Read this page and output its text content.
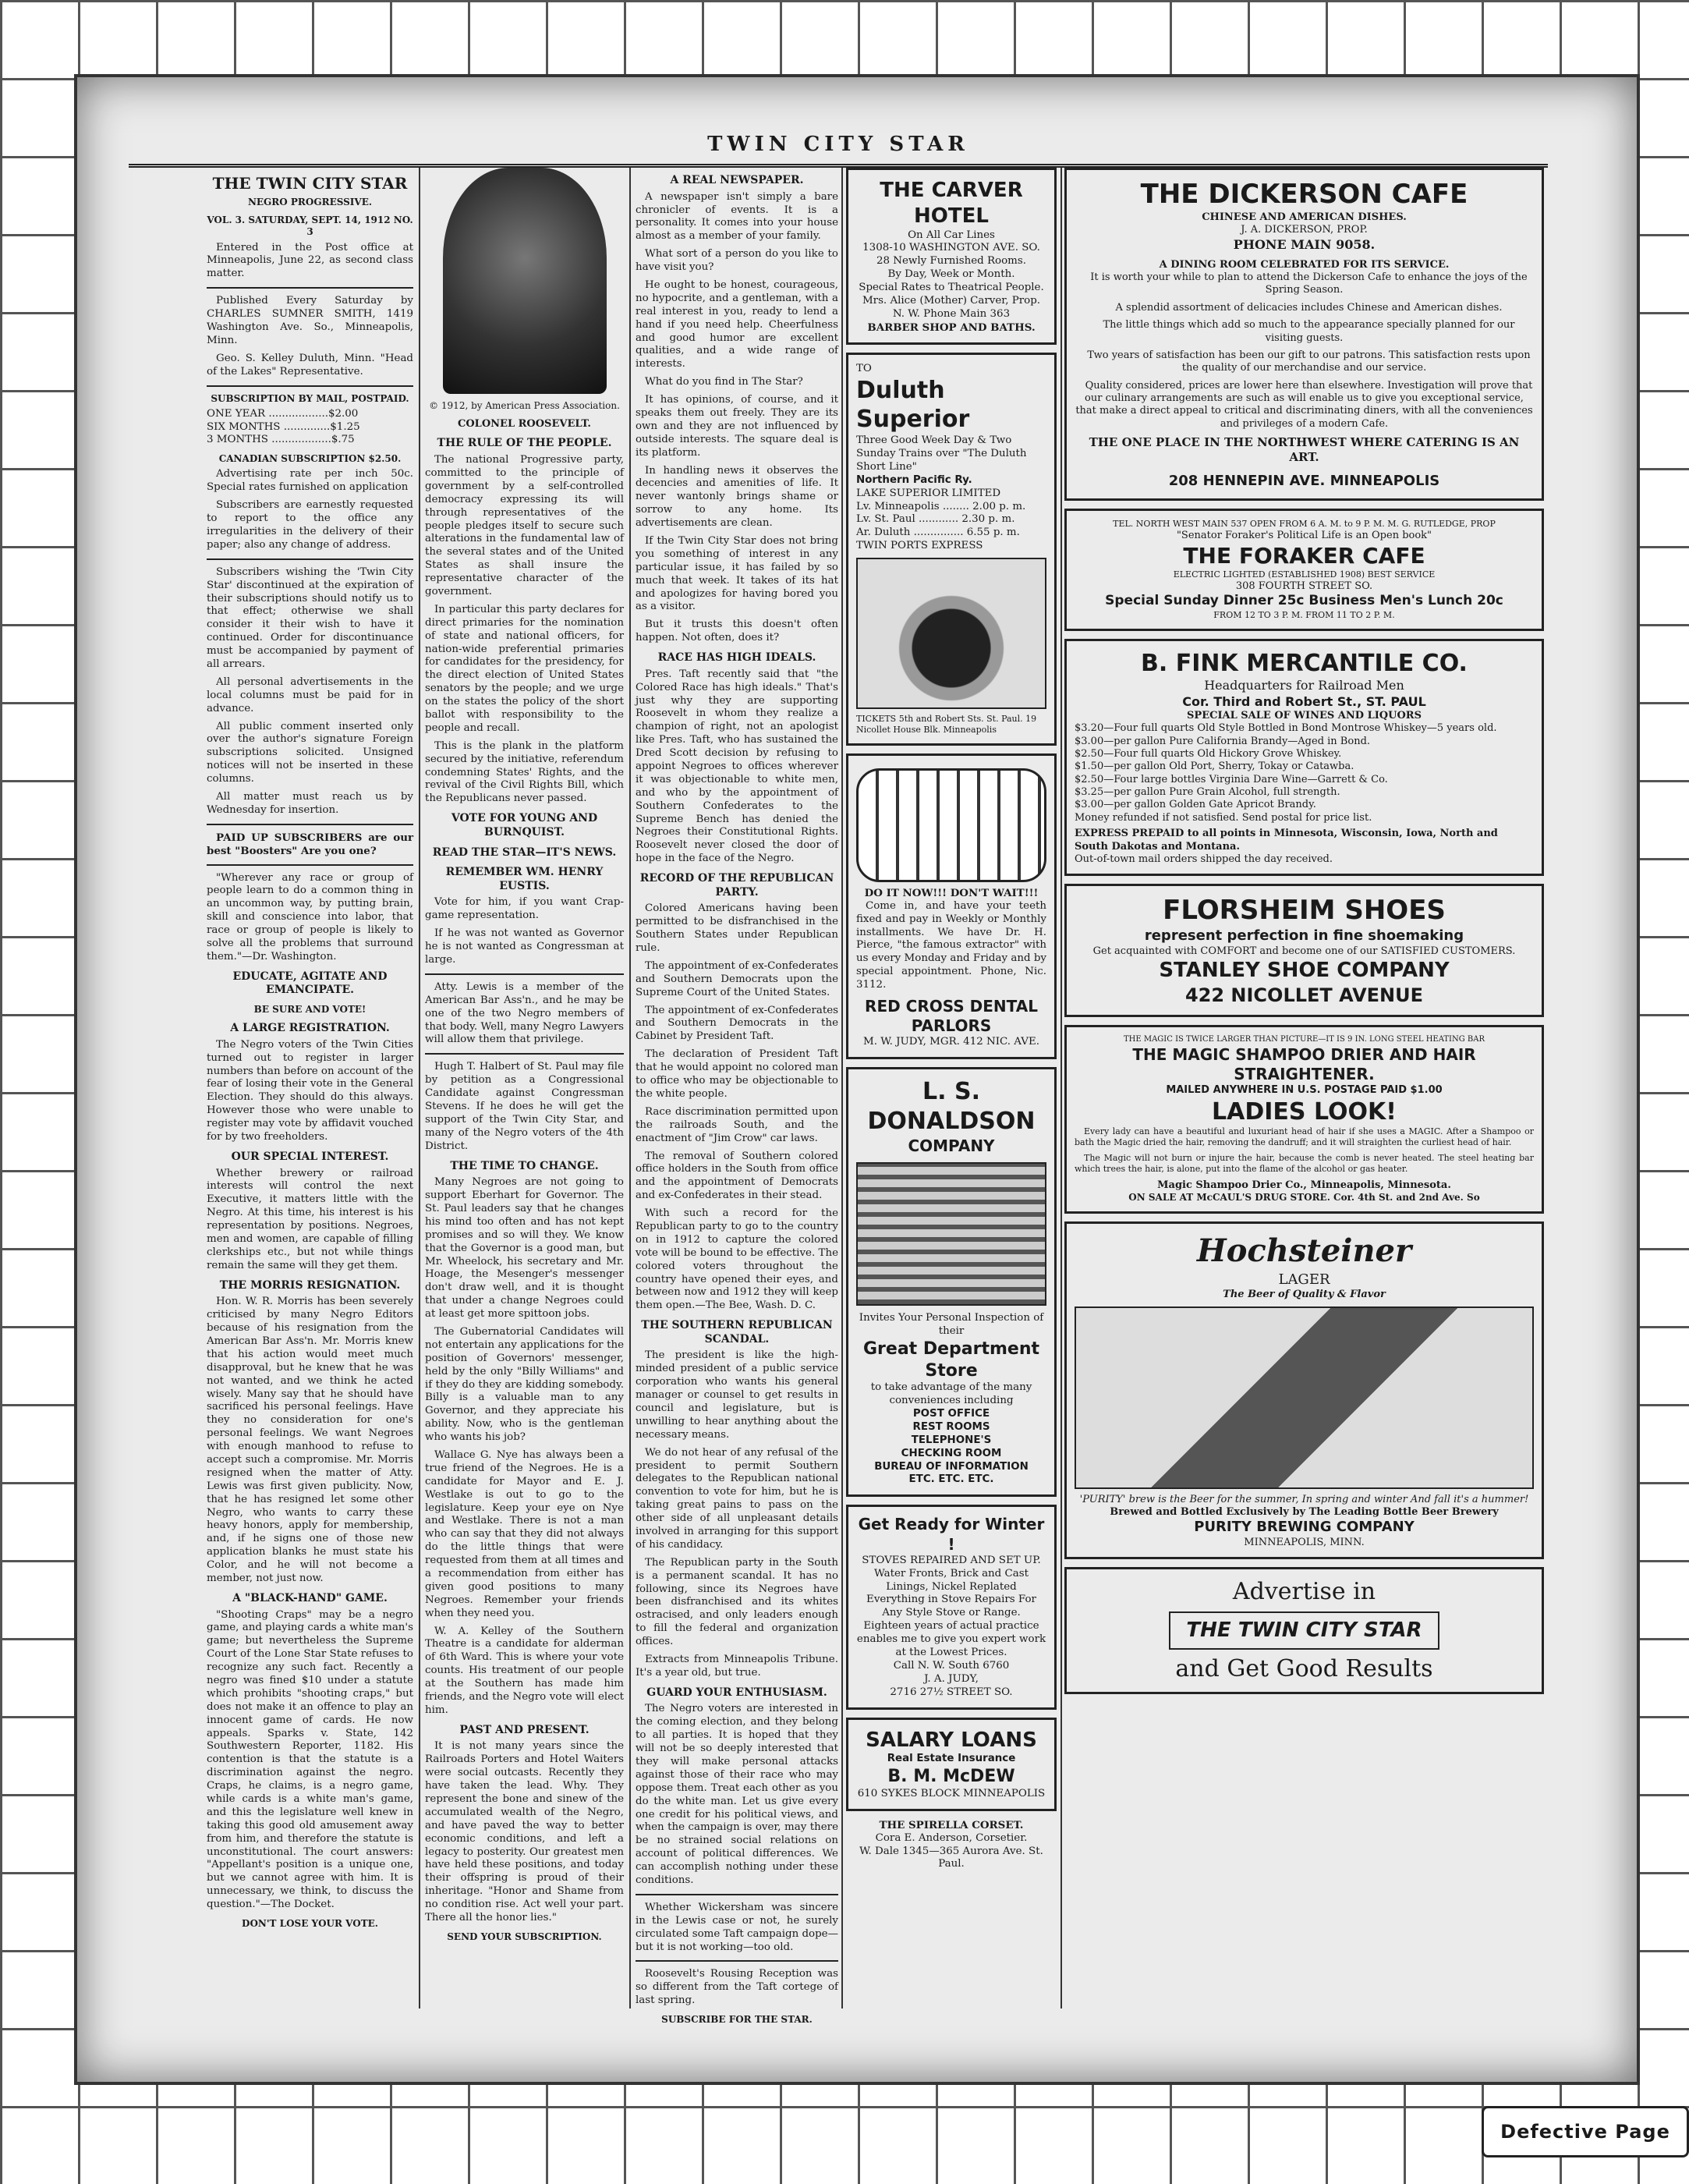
TWIN CITY STAR
THE TWIN CITY STAR
NEGRO PROGRESSIVE.
VOL. 3. SATURDAY, SEPT. 14, 1912 NO. 3

Entered in the Post office at Minneapolis, June 22, as second class matter.

Published Every Saturday by CHARLES SUMNER SMITH, 1419 Washington Ave. So., Minneapolis, Minn.

Geo. S. Kelley Duluth, Minn. "Head of the Lakes" Representative.

SUBSCRIPTION BY MAIL, POSTPAID.
ONE YEAR ..................$2.00
SIX MONTHS ..............$1.25
3 MONTHS ..................$.75
CANADIAN SUBSCRIPTION $2.50.

Advertising rate per inch 50c. Special rates furnished on application

Subscribers are earnestly requested to report to the office any irregularities in the delivery of their paper; also any change of address.

Subscribers wishing the 'Twin City Star' discontinued at the expiration of their subscriptions should notify us to that effect; otherwise we shall consider it their wish to have it continued. Order for discontinuance must be accompanied by payment of all arrears.

All personal advertisements in the local columns must be paid for in advance.

All public comment inserted only over the author's signature Foreign subscriptions solicited. Unsigned notices will not be inserted in these columns.

All matter must reach us by Wednesday for insertion.

PAID UP SUBSCRIBERS are our best "Boosters" Are you one?

"Wherever any race or group of people learn to do a common thing in an uncommon way, by putting brain, skill and conscience into labor, that race or group of people is likely to solve all the problems that surround them."—Dr. Washington.

EDUCATE, AGITATE AND EMANCIPATE.
BE SURE AND VOTE!
A LARGE REGISTRATION.

The Negro voters of the Twin Cities turned out to register in larger numbers than before on account of the fear of losing their vote in the General Election. They should do this always. However those who were unable to register may vote by affidavit vouched for by two freeholders.

OUR SPECIAL INTEREST.

Whether brewery or railroad interests will control the next Executive, it matters little with the Negro. At this time, his interest is his representation by positions. Negroes, men and women, are capable of filling clerkships etc., but not while things remain the same will they get them.

THE MORRIS RESIGNATION.

Hon. W. R. Morris has been severely criticised by many Negro Editors because of his resignation from the American Bar Ass'n. Mr. Morris knew that his action would meet much disapproval, but he knew that he was not wanted, and we think he acted wisely. Many say that he should have sacrificed his personal feelings. Have they no consideration for one's personal feelings. We want Negroes with enough manhood to refuse to accept such a compromise. Mr. Morris resigned when the matter of Atty. Lewis was first given publicity. Now, that he has resigned let some other Negro, who wants to carry these heavy honors, apply for membership, and, if he signs one of those new application blanks he must state his Color, and he will not become a member, not just now.

A "BLACK-HAND" GAME.

"Shooting Craps" may be a negro game, and playing cards a white man's game; but nevertheless the Supreme Court of the Lone Star State refuses to recognize any such fact. Recently a negro was fined $10 under a statute which prohibits "shooting craps," but does not make it an offence to play an innocent game of cards. He now appeals. Sparks v. State, 142 Southwestern Reporter, 1182. His contention is that the statute is a discrimination against the negro. Craps, he claims, is a negro game, while cards is a white man's game, and this the legislature well knew in taking this good old amusement away from him, and therefore the statute is unconstitutional. The court answers: "Appellant's position is a unique one, but we cannot agree with him. It is unnecessary, we think, to discuss the question."—The Docket.

DON'T LOSE YOUR VOTE.
© 1912, by American Press Association.
COLONEL ROOSEVELT.
THE RULE OF THE PEOPLE.

The national Progressive party, committed to the principle of government by a self-controlled democracy expressing its will through representatives of the people pledges itself to secure such alterations in the fundamental law of the several states and of the United States as shall insure the representative character of the government.

In particular this party declares for direct primaries for the nomination of state and national officers, for nation-wide preferential primaries for candidates for the presidency, for the direct election of United States senators by the people; and we urge on the states the policy of the short ballot with responsibility to the people and recall.

This is the plank in the platform secured by the initiative, referendum condemning States' Rights, and the revival of the Civil Rights Bill, which the Republicans never passed.

VOTE FOR YOUNG AND BURNQUIST.
READ THE STAR—IT'S NEWS.
REMEMBER WM. HENRY EUSTIS.

Vote for him, if you want Crap-game representation.

If he was not wanted as Governor he is not wanted as Congressman at large.

Atty. Lewis is a member of the American Bar Ass'n., and he may be one of the two Negro members of that body. Well, many Negro Lawyers will allow them that privilege.

Hugh T. Halbert of St. Paul may file by petition as a Congressional Candidate against Congressman Stevens. If he does he will get the support of the Twin City Star, and many of the Negro voters of the 4th District.

THE TIME TO CHANGE.

Many Negroes are not going to support Eberhart for Governor. The St. Paul leaders say that he changes his mind too often and has not kept promises and so will they. We know that the Governor is a good man, but Mr. Wheelock, his secretary and Mr. Hoage, the Mesenger's messenger don't draw well, and it is thought that under a change Negroes could at least get more spittoon jobs.

The Gubernatorial Candidates will not entertain any applications for the position of Governors' messenger, held by the only "Billy Williams" and if they do they are kidding somebody. Billy is a valuable man to any Governor, and they appreciate his ability. Now, who is the gentleman who wants his job?

Wallace G. Nye has always been a true friend of the Negroes. He is a candidate for Mayor and E. J. Westlake is out to go to the legislature. Keep your eye on Nye and Westlake. There is not a man who can say that they did not always do the little things that were requested from them at all times and a recommendation from either has given good positions to many Negroes. Remember your friends when they need you.

W. A. Kelley of the Southern Theatre is a candidate for alderman of 6th Ward. This is where your vote counts. His treatment of our people at the Southern has made him friends, and the Negro vote will elect him.

PAST AND PRESENT.

It is not many years since the Railroads Porters and Hotel Waiters were social outcasts. Recently they have taken the lead. Why. They represent the bone and sinew of the accumulated wealth of the Negro, and have paved the way to better economic conditions, and left a legacy to posterity. Our greatest men have held these positions, and today their offspring is proud of their inheritage. "Honor and Shame from no condition rise. Act well your part. There all the honor lies."

SEND YOUR SUBSCRIPTION.
A REAL NEWSPAPER.

A newspaper isn't simply a bare chronicler of events. It is a personality. It comes into your house almost as a member of your family.

What sort of a person do you like to have visit you?

He ought to be honest, courageous, no hypocrite, and a gentleman, with a real interest in you, ready to lend a hand if you need help. Cheerfulness and good humor are excellent qualities, and a wide range of interests.

What do you find in The Star?

It has opinions, of course, and it speaks them out freely. They are its own and they are not influenced by outside interests. The square deal is its platform.

In handling news it observes the decencies and amenities of life. It never wantonly brings shame or sorrow to any home. Its advertisements are clean.

If the Twin City Star does not bring you something of interest in any particular issue, it has failed by so much that week. It takes of its hat and apologizes for having bored you as a visitor.

But it trusts this doesn't often happen. Not often, does it?

RACE HAS HIGH IDEALS.

Pres. Taft recently said that "the Colored Race has high ideals." That's just why they are supporting Roosevelt in whom they realize a champion of right, not an apologist like Pres. Taft, who has sustained the Dred Scott decision by refusing to appoint Negroes to offices wherever it was objectionable to white men, and who by the appointment of Southern Confederates to the Supreme Bench has denied the Negroes their Constitutional Rights. Roosevelt never closed the door of hope in the face of the Negro.

RECORD OF THE REPUBLICAN PARTY.

Colored Americans having been permitted to be disfranchised in the Southern States under Republican rule.

The appointment of ex-Confederates and Southern Democrats upon the Supreme Court of the United States.

The appointment of ex-Confederates and Southern Democrats in the Cabinet by President Taft.

The declaration of President Taft that he would appoint no colored man to office who may be objectionable to the white people.

Race discrimination permitted upon the railroads South, and the enactment of "Jim Crow" car laws.

The removal of Southern colored office holders in the South from office and the appointment of Democrats and ex-Confederates in their stead.

With such a record for the Republican party to go to the country on in 1912 to capture the colored vote will be bound to be effective. The colored voters throughout the country have opened their eyes, and between now and 1912 they will keep them open.—The Bee, Wash. D. C.

THE SOUTHERN REPUBLICAN SCANDAL.

The president is like the high-minded president of a public service corporation who wants his general manager or counsel to get results in council and legislature, but is unwilling to hear anything about the necessary means.

We do not hear of any refusal of the president to permit Southern delegates to the Republican national convention to vote for him, but he is taking great pains to pass on the other side of all unpleasant details involved in arranging for this support of his candidacy.

The Republican party in the South is a permanent scandal. It has no following, since its Negroes have been disfranchised and its whites ostracised, and only leaders enough to fill the federal and organization offices.

Extracts from Minneapolis Tribune. It's a year old, but true.

GUARD YOUR ENTHUSIASM.

The Negro voters are interested in the coming election, and they belong to all parties. It is hoped that they will not be so deeply interested that they will make personal attacks against those of their race who may oppose them. Treat each other as you do the white man. Let us give every one credit for his political views, and when the campaign is over, may there be no strained social relations on account of political differences. We can accomplish nothing under these conditions.

Whether Wickersham was sincere in the Lewis case or not, he surely circulated some Taft campaign dope—but it is not working—too old.

Roosevelt's Rousing Reception was so different from the Taft cortege of last spring.

SUBSCRIBE FOR THE STAR.
THE CARVER HOTEL
On All Car Lines
1308-10 WASHINGTON AVE. SO.
28 Newly Furnished Rooms.
By Day, Week or Month.
Special Rates to Theatrical People.
Mrs. Alice (Mother) Carver, Prop.
N. W. Phone Main 363
BARBER SHOP AND BATHS.
TO
Duluth Superior
Three Good Week Day & Two Sunday Trains over "The Duluth Short Line"
Northern Pacific Ry.
LAKE SUPERIOR LIMITED
Lv. Minneapolis ........ 2.00 p. m.
Lv. St. Paul ............ 2.30 p. m.
Ar. Duluth ............... 6.55 p. m.
TWIN PORTS EXPRESS
TICKETS 5th and Robert Sts. St. Paul. 19 Nicollet House Blk. Minneapolis
DO IT NOW!!! DON'T WAIT!!!

Come in, and have your teeth fixed and pay in Weekly or Monthly installments. We have Dr. H. Pierce, "the famous extractor" with us every Monday and Friday and by special appointment. Phone, Nic. 3112.

RED CROSS DENTAL PARLORS
M. W. JUDY, MGR. 412 NIC. AVE.
L. S. DONALDSON
COMPANY
Invites Your Personal Inspection of their
Great Department Store
to take advantage of the many conveniences including
POST OFFICE
REST ROOMS
TELEPHONE'S
CHECKING ROOM
BUREAU OF INFORMATION
ETC. ETC. ETC.
Get Ready for Winter !
STOVES REPAIRED AND SET UP. Water Fronts, Brick and Cast Linings, Nickel Replated
Everything in Stove Repairs For Any Style Stove or Range.
Eighteen years of actual practice enables me to give you expert work at the Lowest Prices.
Call N. W. South 6760
J. A. JUDY,
2716 27½ STREET SO.
SALARY LOANS
Real Estate Insurance
B. M. McDEW
610 SYKES BLOCK MINNEAPOLIS
THE SPIRELLA CORSET.
Cora E. Anderson, Corsetier.
W. Dale 1345—365 Aurora Ave. St. Paul.
THE DICKERSON CAFE
CHINESE AND AMERICAN DISHES.
J. A. DICKERSON, PROP.
PHONE MAIN 9058.
A DINING ROOM CELEBRATED FOR ITS SERVICE.

It is worth your while to plan to attend the Dickerson Cafe to enhance the joys of the Spring Season.

A splendid assortment of delicacies includes Chinese and American dishes.

The little things which add so much to the appearance specially planned for our visiting guests.

Two years of satisfaction has been our gift to our patrons. This satisfaction rests upon the quality of our merchandise and our service.

Quality considered, prices are lower here than elsewhere. Investigation will prove that our culinary arrangements are such as will enable us to give you exceptional service, that make a direct appeal to critical and discriminating diners, with all the conveniences and privileges of a modern Cafe.

THE ONE PLACE IN THE NORTHWEST WHERE CATERING IS AN ART.
208 HENNEPIN AVE. MINNEAPOLIS
TEL. NORTH WEST MAIN 537 OPEN FROM 6 A. M. to 9 P. M. M. G. RUTLEDGE, PROP
"Senator Foraker's Political Life is an Open book"
THE FORAKER CAFE
ELECTRIC LIGHTED (ESTABLISHED 1908) BEST SERVICE
308 FOURTH STREET SO.
Special Sunday Dinner 25c Business Men's Lunch 20c
FROM 12 TO 3 P. M. FROM 11 TO 2 P. M.
B. FINK MERCANTILE CO.
Headquarters for Railroad Men
Cor. Third and Robert St., ST. PAUL
SPECIAL SALE OF WINES AND LIQUORS
$3.20—Four full quarts Old Style Bottled in Bond Montrose Whiskey—5 years old.
$3.00—per gallon Pure California Brandy—Aged in Bond.
$2.50—Four full quarts Old Hickory Grove Whiskey.
$1.50—per gallon Old Port, Sherry, Tokay or Catawba.
$2.50—Four large bottles Virginia Dare Wine—Garrett & Co.
$3.25—per gallon Pure Grain Alcohol, full strength.
$3.00—per gallon Golden Gate Apricot Brandy.
Money refunded if not satisfied. Send postal for price list.
EXPRESS PREPAID to all points in Minnesota, Wisconsin, Iowa, North and South Dakotas and Montana.
Out-of-town mail orders shipped the day received.
FLORSHEIM SHOES
represent perfection in fine shoemaking
Get acquainted with COMFORT and become one of our SATISFIED CUSTOMERS.
STANLEY SHOE COMPANY
422 NICOLLET AVENUE
THE MAGIC IS TWICE LARGER THAN PICTURE—IT IS 9 IN. LONG STEEL HEATING BAR
THE MAGIC SHAMPOO DRIER AND HAIR STRAIGHTENER.
MAILED ANYWHERE IN U.S. POSTAGE PAID $1.00
LADIES LOOK!

Every lady can have a beautiful and luxuriant head of hair if she uses a MAGIC. After a Shampoo or bath the Magic dried the hair, removing the dandruff; and it will straighten the curliest head of hair.

The Magic will not burn or injure the hair, because the comb is never heated. The steel heating bar which trees the hair, is alone, put into the flame of the alcohol or gas heater.

Magic Shampoo Drier Co., Minneapolis, Minnesota.
ON SALE AT McCAUL'S DRUG STORE. Cor. 4th St. and 2nd Ave. So
Hochsteiner
LAGER
The Beer of Quality & Flavor
'PURITY' brew is the Beer for the summer, In spring and winter And fall it's a hummer!
Brewed and Bottled Exclusively by The Leading Bottle Beer Brewery
PURITY BREWING COMPANY
MINNEAPOLIS, MINN.
Advertise in
THE TWIN CITY STAR
and Get Good Results
Defective Page
